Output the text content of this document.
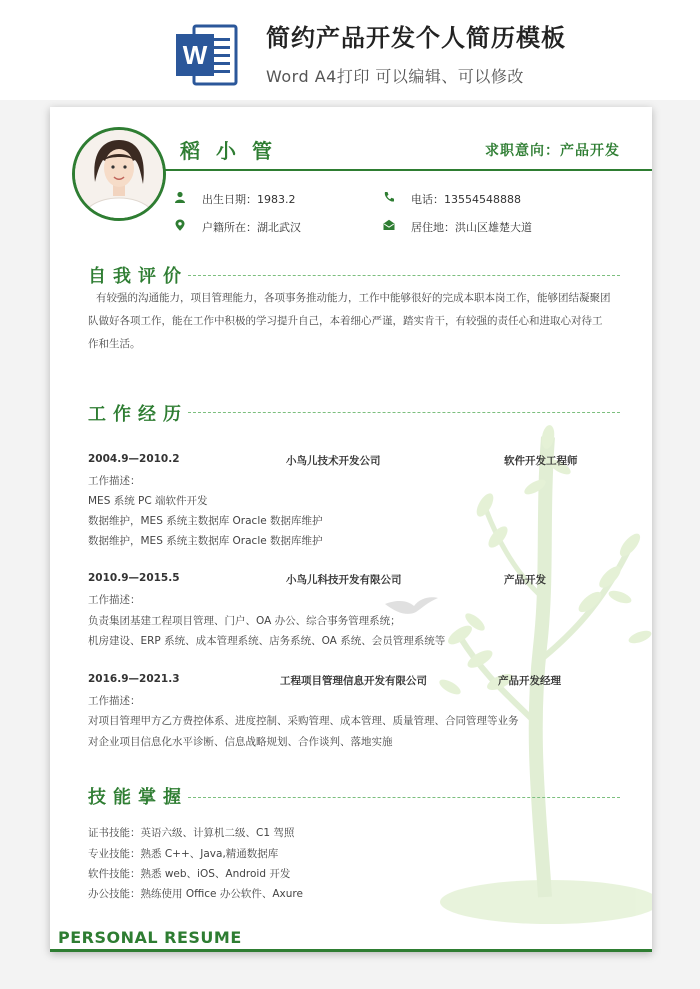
W
简约产品开发个人简历模板
Word A4打印 可以编辑、可以修改
稻小管	求职意向：产品开发
出生日期：1983.2	电话：13554548888
户籍所在：湖北武汉	居住地：洪山区雄楚大道
自我评价
有较强的沟通能力，项目管理能力，各项事务推动能力，工作中能够很好的完成本职本岗工作，能够团结凝聚团
队做好各项工作，能在工作中积极的学习提升自己，本着细心严谨，踏实肯干，有较强的责任心和进取心对待工
作和生活。
工作经历
2004.9—2010.2	小鸟儿技术开发公司	软件开发工程师
工作描述：
MES 系统 PC 端软件开发
数据维护，MES 系统主数据库 Oracle 数据库维护
数据维护，MES 系统主数据库 Oracle 数据库维护
2010.9—2015.5	小鸟儿科技开发有限公司	产品开发
工作描述：
负责集团基建工程项目管理、门户、OA 办公、综合事务管理系统；
机房建设、ERP 系统、成本管理系统、店务系统、OA 系统、会员管理系统等
2016.9—2021.3	工程项目管理信息开发有限公司	产品开发经理
工作描述：
对项目管理甲方乙方费控体系、进度控制、采购管理、成本管理、质量管理、合同管理等业务
对企业项目信息化水平诊断、信息战略规划、合作谈判、落地实施
技能掌握
证书技能：英语六级、计算机二级、C1 驾照
专业技能：熟悉 C++、Java,精通数据库
软件技能：熟悉 web、iOS、Android 开发
办公技能：熟练使用 Office 办公软件、Axure
PERSONAL RESUME
